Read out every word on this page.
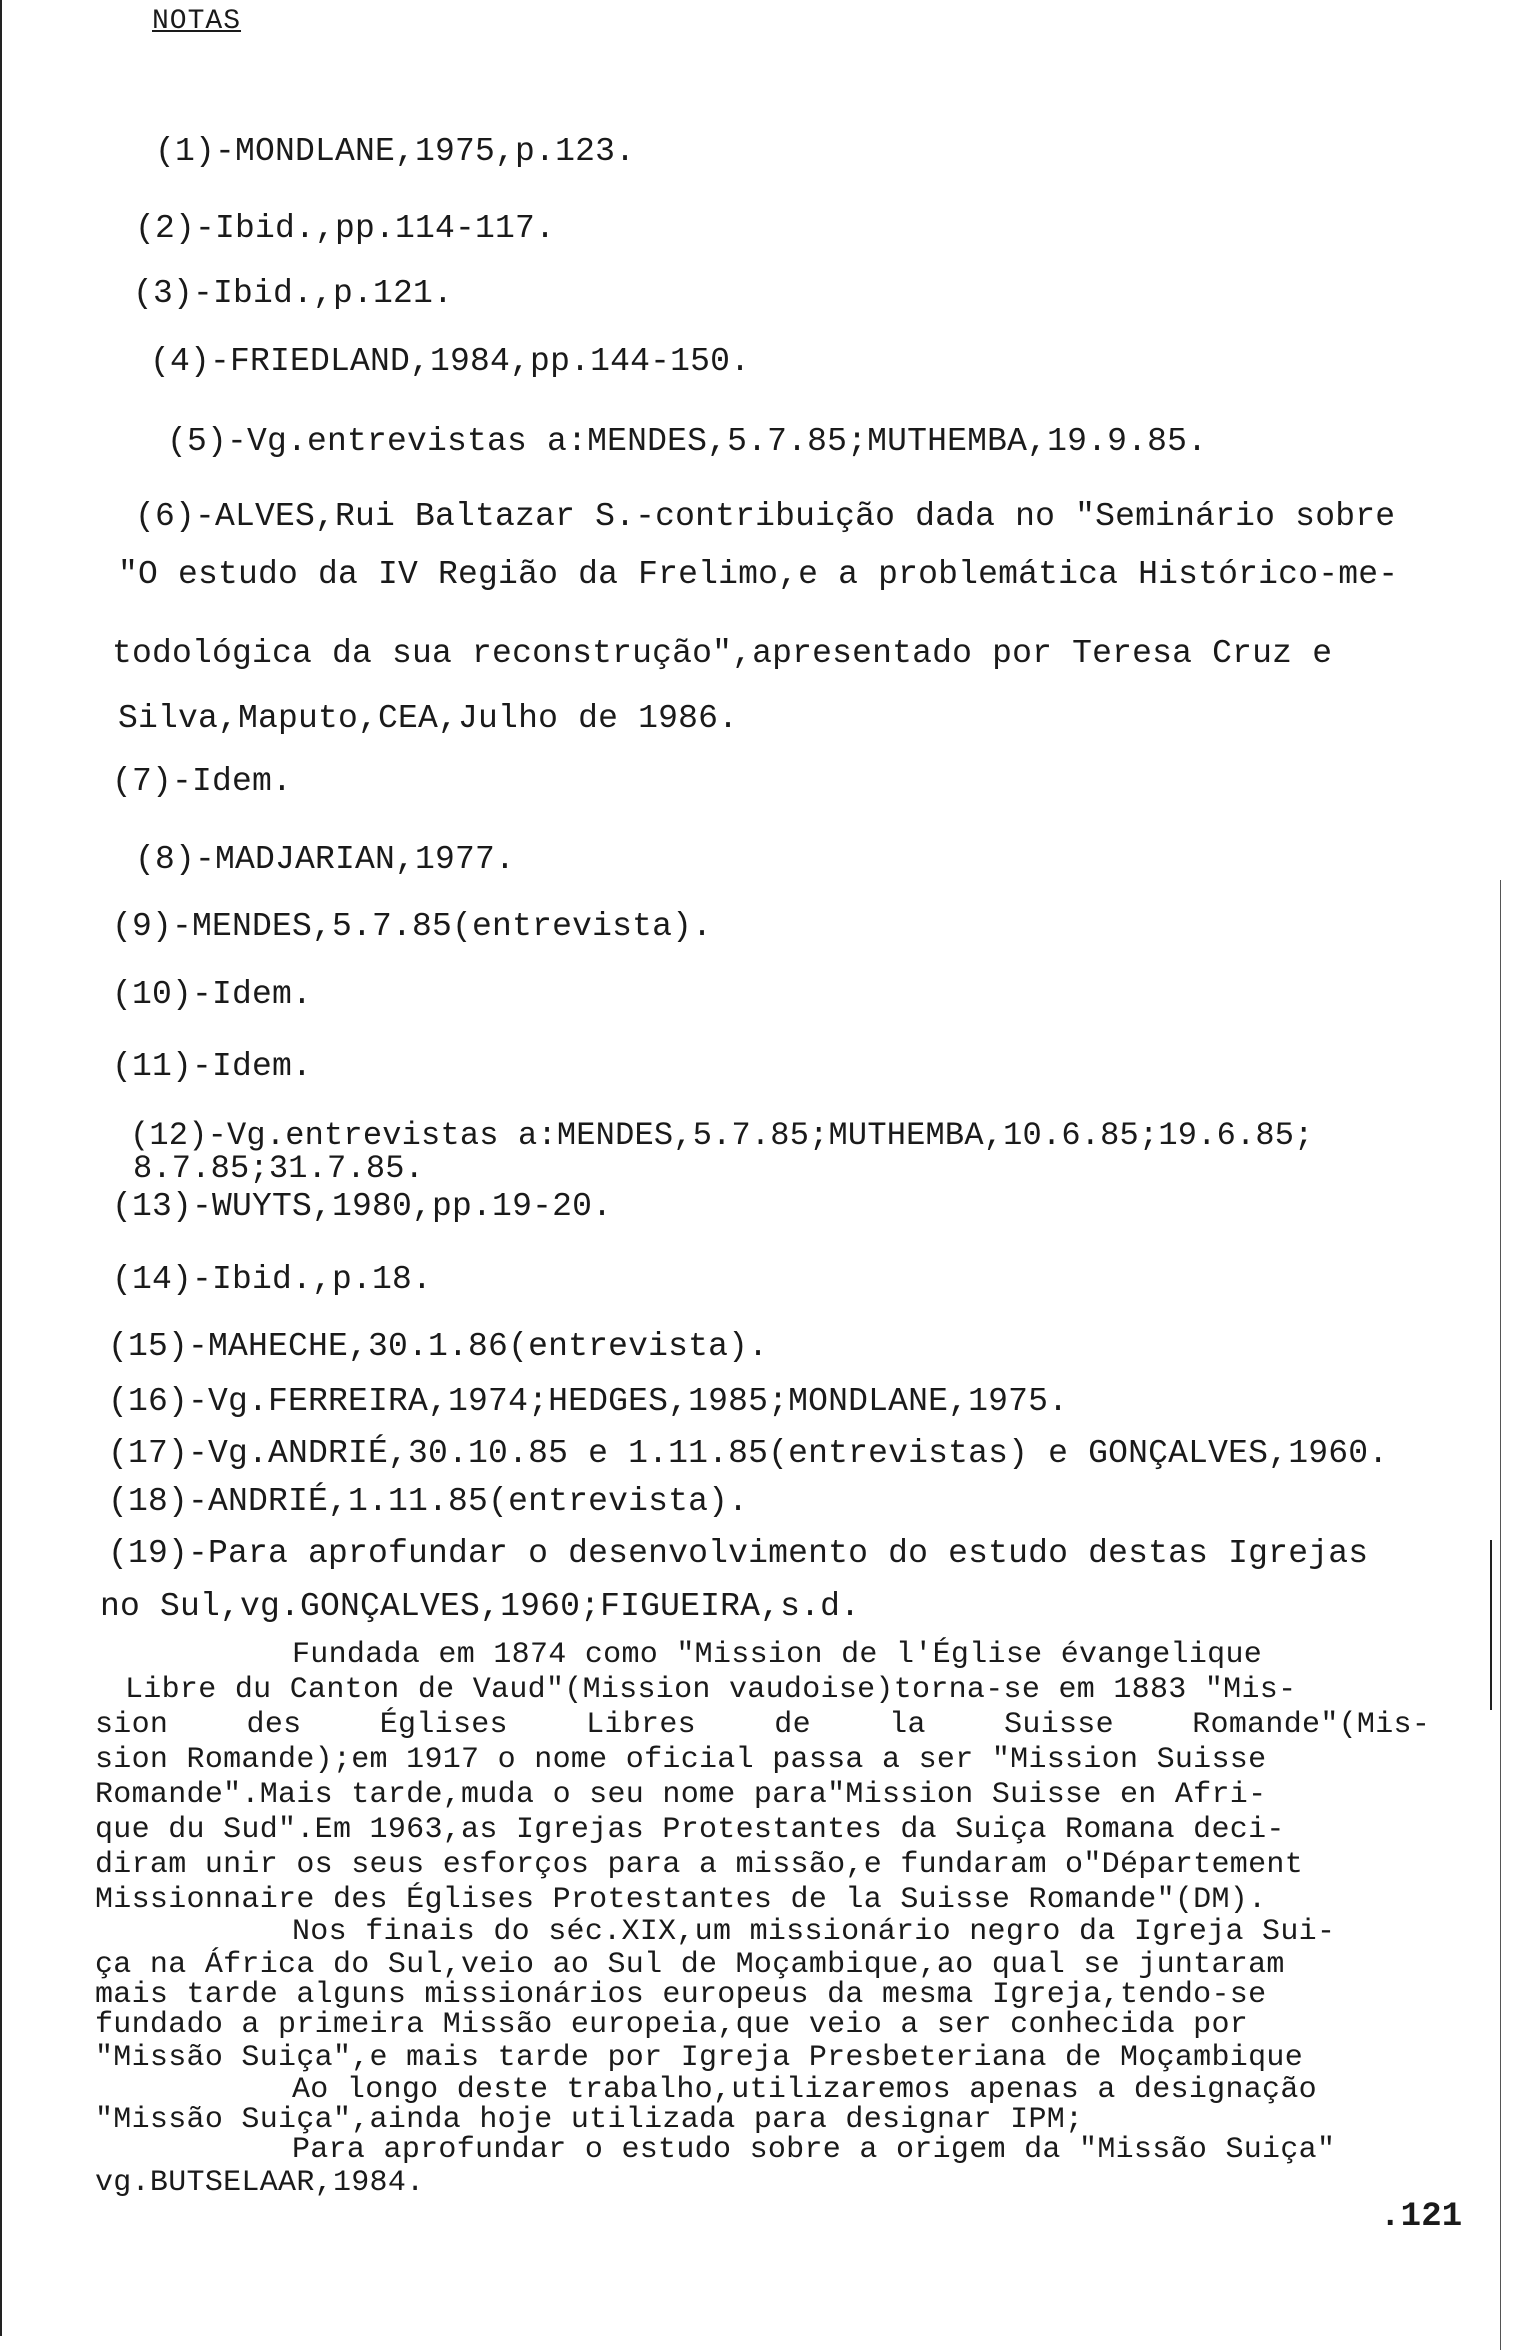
NOTAS
(1)-MONDLANE,1975,p.123.
(2)-Ibid.,pp.114-117.
(3)-Ibid.,p.121.
(4)-FRIEDLAND,1984,pp.144-150.
(5)-Vg.entrevistas a:MENDES,5.7.85;MUTHEMBA,19.9.85.
(6)-ALVES,Rui Baltazar S.-contribuição dada no "Seminário sobre
"O estudo da IV Região da Frelimo,e a problemática Histórico-me-
todológica da sua reconstrução",apresentado por Teresa Cruz e
Silva,Maputo,CEA,Julho de 1986.
(7)-Idem.
(8)-MADJARIAN,1977.
(9)-MENDES,5.7.85(entrevista).
(10)-Idem.
(11)-Idem.
(12)-Vg.entrevistas a:MENDES,5.7.85;MUTHEMBA,10.6.85;19.6.85;
8.7.85;31.7.85.
(13)-WUYTS,1980,pp.19-20.
(14)-Ibid.,p.18.
(15)-MAHECHE,30.1.86(entrevista).
(16)-Vg.FERREIRA,1974;HEDGES,1985;MONDLANE,1975.
(17)-Vg.ANDRIÉ,30.10.85 e 1.11.85(entrevistas) e GONÇALVES,1960.
(18)-ANDRIÉ,1.11.85(entrevista).
(19)-Para aprofundar o desenvolvimento do estudo destas Igrejas
no Sul,vg.GONÇALVES,1960;FIGUEIRA,s.d.
Fundada em 1874 como "Mission de l'Église évangelique
Libre du Canton de Vaud"(Mission vaudoise)torna-se em 1883 "Mis-
sion des Églises Libres de la Suisse Romande"(Mis-
sion Romande);em 1917 o nome oficial passa a ser "Mission Suisse
Romande".Mais tarde,muda o seu nome para"Mission Suisse en Afri-
que du Sud".Em 1963,as Igrejas Protestantes da Suiça Romana deci-
diram unir os seus esforços para a missão,e fundaram o"Département
Missionnaire des Églises Protestantes de la Suisse Romande"(DM).
Nos finais do séc.XIX,um missionário negro da Igreja Sui-
ça na África do Sul,veio ao Sul de Moçambique,ao qual se juntaram
mais tarde alguns missionários europeus da mesma Igreja,tendo-se
fundado a primeira Missão europeia,que veio a ser conhecida por
"Missão Suiça",e mais tarde por Igreja Presbeteriana de Moçambique
Ao longo deste trabalho,utilizaremos apenas a designação
"Missão Suiça",ainda hoje utilizada para designar IPM;
Para aprofundar o estudo sobre a origem da "Missão Suiça"
vg.BUTSELAAR,1984.
.121
